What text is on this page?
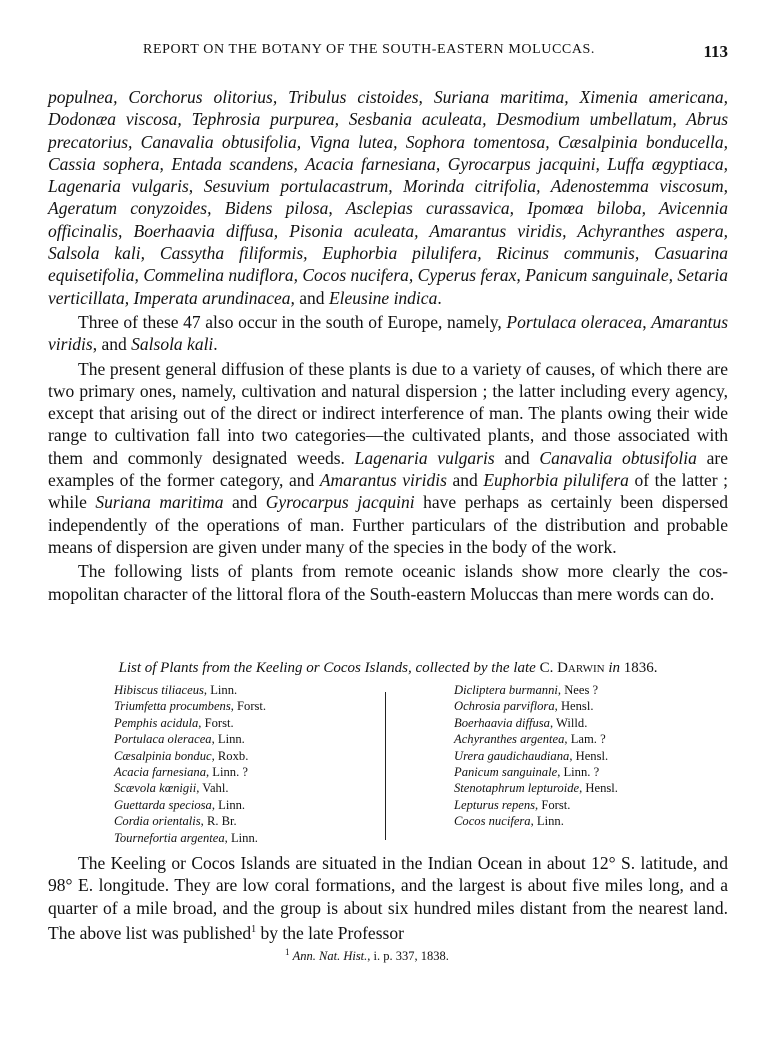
REPORT ON THE BOTANY OF THE SOUTH-EASTERN MOLUCCAS.	113

populnea, Corchorus olitorius, Tribulus cistoides, Suriana maritima, Ximenia americana, Dodonæa viscosa, Tephrosia purpurea, Sesbania aculeata, Desmodium umbellatum, Abrus precatorius, Canavalia obtusifolia, Vigna lutea, Sophora tomentosa, Cæsalpinia bonducella, Cassia sophera, Entada scandens, Acacia farnesiana, Gyrocarpus jacquini, Luffa ægyptiaca, Lagenaria vulgaris, Sesuvium portulacastrum, Morinda citrifolia, Adenostemma viscosum, Ageratum conyzoides, Bidens pilosa, Asclepias curassavica, Ipomœa biloba, Avicennia officinalis, Boerhaavia diffusa, Pisonia aculeata, Amarantus viridis, Achyranthes aspera, Salsola kali, Cassytha filiformis, Euphorbia pilulifera, Ricinus communis, Casuarina equisetifolia, Commelina nudiflora, Cocos nucifera, Cyperus ferax, Panicum sanguinale, Setaria verticillata, Imperata arundinacea, and Eleusine indica.

Three of these 47 also occur in the south of Europe, namely, Portulaca oleracea, Amarantus viridis, and Salsola kali.

The present general diffusion of these plants is due to a variety of causes, of which there are two primary ones, namely, cultivation and natural dispersion ; the latter including every agency, except that arising out of the direct or indirect interference of man. The plants owing their wide range to cultivation fall into two categories—the cultivated plants, and those associated with them and commonly designated weeds. Lagenaria vulgaris and Canavalia obtusifolia are examples of the former category, and Amarantus viridis and Euphorbia pilulifera of the latter ; while Suriana maritima and Gyrocarpus jacquini have perhaps as certainly been dispersed independently of the operations of man. Further particulars of the distribution and probable means of dispersion are given under many of the species in the body of the work.

The following lists of plants from remote oceanic islands show more clearly the cosmopolitan character of the littoral flora of the South-eastern Moluccas than mere words can do.

List of Plants from the Keeling or Cocos Islands, collected by the late C. Darwin in 1836.
Hibiscus tiliaceus, Linn.
Triumfetta procumbens, Forst.
Pemphis acidula, Forst.
Portulaca oleracea, Linn.
Cæsalpinia bonduc, Roxb.
Acacia farnesiana, Linn. ?
Scævola kœnigii, Vahl.
Guettarda speciosa, Linn.
Cordia orientalis, R. Br.
Tournefortia argentea, Linn.
Dicliptera burmanni, Nees ?
Ochrosia parviflora, Hensl.
Boerhaavia diffusa, Willd.
Achyranthes argentea, Lam. ?
Urera gaudichaudiana, Hensl.
Panicum sanguinale, Linn. ?
Stenotaphrum lepturoide, Hensl.
Lepturus repens, Forst.
Cocos nucifera, Linn.

The Keeling or Cocos Islands are situated in the Indian Ocean in about 12° S. latitude, and 98° E. longitude. They are low coral formations, and the largest is about five miles long, and a quarter of a mile broad, and the group is about six hundred miles distant from the nearest land. The above list was published$^1$ by the late Professor

$^1$ Ann. Nat. Hist., i. p. 337, 1838.
